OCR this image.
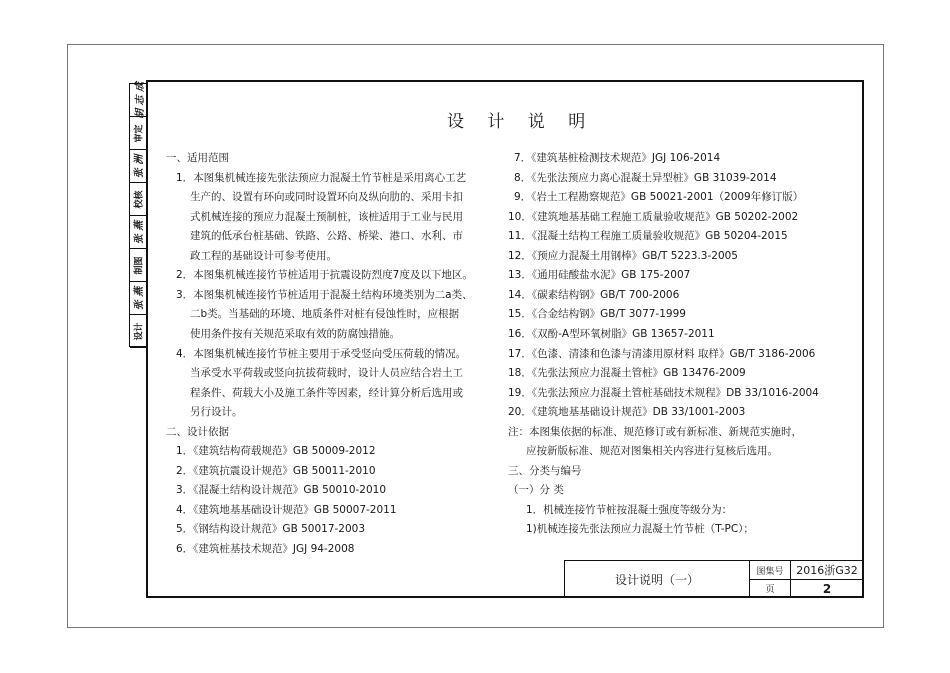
审定
胡 志 成
校核
张 洲
制图
张 燕
设计
张 燕
设 计 说 明
一、适用范围
1．本图集机械连接先张法预应力混凝土竹节桩是采用离心工艺
生产的、设置有环向或同时设置环向及纵向肋的、采用卡扣
式机械连接的预应力混凝土预制桩，该桩适用于工业与民用
建筑的低承台桩基础、铁路、公路、桥梁、港口、水利、市
政工程的基础设计可参考使用。
2．本图集机械连接竹节桩适用于抗震设防烈度7度及以下地区。
3．本图集机械连接竹节桩适用于混凝土结构环境类别为二a类、
二b类。当基础的环境、地质条件对桩有侵蚀性时，应根据
使用条件按有关规范采取有效的防腐蚀措施。
4．本图集机械连接竹节桩主要用于承受竖向受压荷载的情况。
当承受水平荷载或竖向抗拔荷载时，设计人员应结合岩土工
程条件、荷载大小及施工条件等因素，经计算分析后选用或
另行设计。
二、设计依据
1．《建筑结构荷载规范》GB 50009-2012
2．《建筑抗震设计规范》GB 50011-2010
3．《混凝土结构设计规范》GB 50010-2010
4．《建筑地基基础设计规范》GB 50007-2011
5．《钢结构设计规范》GB 50017-2003
6．《建筑桩基技术规范》JGJ 94-2008
7．《建筑基桩检测技术规范》JGJ 106-2014
8．《先张法预应力离心混凝土异型桩》GB 31039-2014
9．《岩土工程勘察规范》GB 50021-2001（2009年修订版）
10．《建筑地基基础工程施工质量验收规范》GB 50202-2002
11．《混凝土结构工程施工质量验收规范》GB 50204-2015
12．《预应力混凝土用钢棒》GB/T 5223.3-2005
13．《通用硅酸盐水泥》GB 175-2007
14．《碳素结构钢》GB/T 700-2006
15．《合金结构钢》GB/T 3077-1999
16．《双酚-A型环氧树脂》GB 13657-2011
17．《色漆、清漆和色漆与清漆用原材料 取样》GB/T 3186-2006
18．《先张法预应力混凝土管桩》GB 13476-2009
19．《先张法预应力混凝土管桩基础技术规程》DB 33/1016-2004
20．《建筑地基基础设计规范》DB 33/1001-2003
注：本图集依据的标准、规范修订或有新标准、新规范实施时，
应按新版标准、规范对图集相关内容进行复核后选用。
三、分类与编号
（一）分 类
1．机械连接竹节桩按混凝土强度等级分为：
1)机械连接先张法预应力混凝土竹节桩（T-PC）；
设计说明（一）
图集号	2016浙G32
页	2
